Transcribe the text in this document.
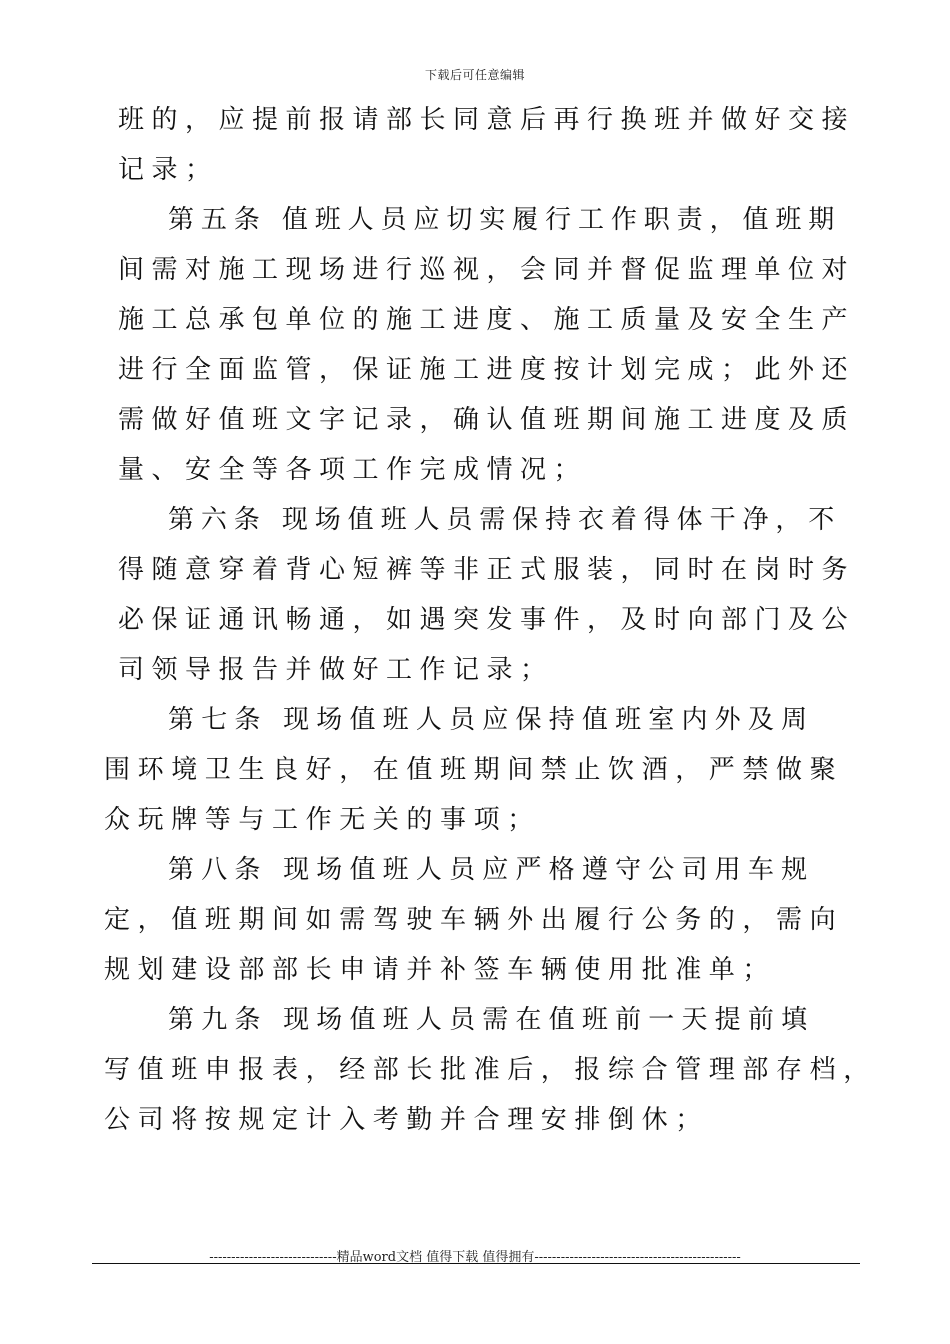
下载后可任意编辑
班的，应提前报请部长同意后再行换班并做好交接
记录；
第五条 值班人员应切实履行工作职责，值班期
间需对施工现场进行巡视，会同并督促监理单位对
施工总承包单位的施工进度、施工质量及安全生产
进行全面监管，保证施工进度按计划完成；此外还
需做好值班文字记录，确认值班期间施工进度及质
量、安全等各项工作完成情况；
第六条 现场值班人员需保持衣着得体干净，不
得随意穿着背心短裤等非正式服装，同时在岗时务
必保证通讯畅通，如遇突发事件，及时向部门及公
司领导报告并做好工作记录；
第七条 现场值班人员应保持值班室内外及周
围环境卫生良好，在值班期间禁止饮酒，严禁做聚
众玩牌等与工作无关的事项；
第八条 现场值班人员应严格遵守公司用车规
定，值班期间如需驾驶车辆外出履行公务的，需向
规划建设部部长申请并补签车辆使用批准单；
第九条 现场值班人员需在值班前一天提前填
写值班申报表，经部长批准后，报综合管理部存档，
公司将按规定计入考勤并合理安排倒休；
-----------------------------精品word文档 值得下载 值得拥有-----------------------------------------------
